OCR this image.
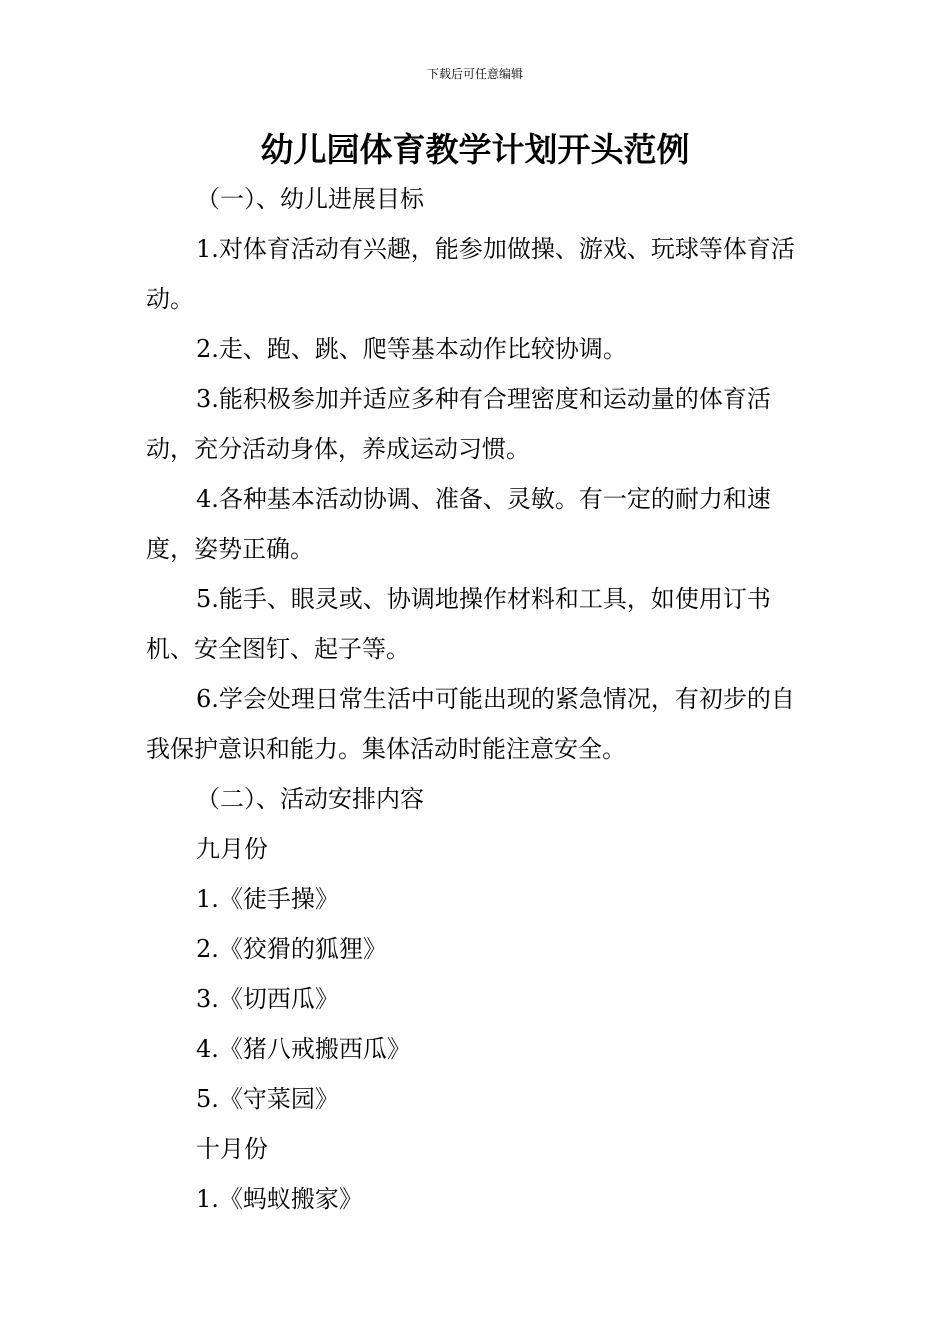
下载后可任意编辑
幼儿园体育教学计划开头范例

（一）、幼儿进展目标

1.对体育活动有兴趣，能参加做操、游戏、玩球等体育活动。

2.走、跑、跳、爬等基本动作比较协调。

3.能积极参加并适应多种有合理密度和运动量的体育活动，充分活动身体，养成运动习惯。

4.各种基本活动协调、准备、灵敏。有一定的耐力和速度，姿势正确。

5.能手、眼灵或、协调地操作材料和工具，如使用订书机、安全图钉、起子等。

6.学会处理日常生活中可能出现的紧急情况，有初步的自我保护意识和能力。集体活动时能注意安全。

（二）、活动安排内容

九月份

1.《徒手操》

2.《狡猾的狐狸》

3.《切西瓜》

4.《猪八戒搬西瓜》

5.《守菜园》

十月份

1.《蚂蚁搬家》
